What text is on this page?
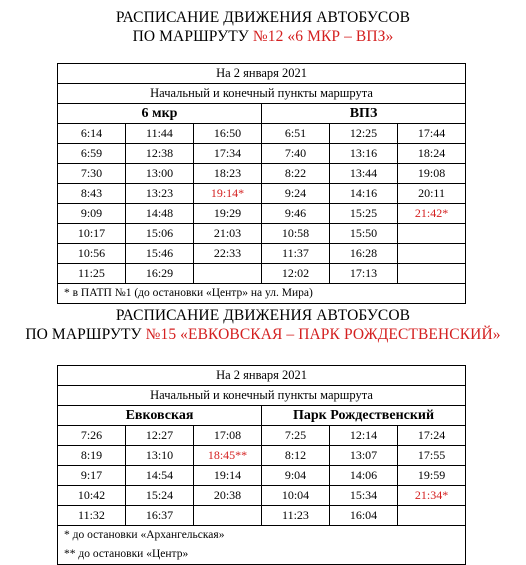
РАСПИСАНИЕ ДВИЖЕНИЯ АВТОБУСОВ
ПО МАРШРУТУ №12 «6 МКР – ВПЗ»
На 2 января 2021					
Начальный и конечный пункты маршрута					
6 мкр			ВПЗ		
6:14	11:44	16:50	6:51	12:25	17:44
6:59	12:38	17:34	7:40	13:16	18:24
7:30	13:00	18:23	8:22	13:44	19:08
8:43	13:23	19:14*	9:24	14:16	20:11
9:09	14:48	19:29	9:46	15:25	21:42*
10:17	15:06	21:03	10:58	15:50	
10:56	15:46	22:33	11:37	16:28	
11:25	16:29		12:02	17:13	
* в ПАТП №1 (до остановки «Центр» на ул. Мира)					
РАСПИСАНИЕ ДВИЖЕНИЯ АВТОБУСОВ
ПО МАРШРУТУ №15 «ЕВКОВСКАЯ – ПАРК РОЖДЕСТВЕНСКИЙ»
На 2 января 2021					
Начальный и конечный пункты маршрута					
Евковская			Парк Рождественский		
7:26	12:27	17:08	7:25	12:14	17:24
8:19	13:10	18:45**	8:12	13:07	17:55
9:17	14:54	19:14	9:04	14:06	19:59
10:42	15:24	20:38	10:04	15:34	21:34*
11:32	16:37		11:23	16:04	
* до остановки «Архангельская»					
** до остановки «Центр»					
